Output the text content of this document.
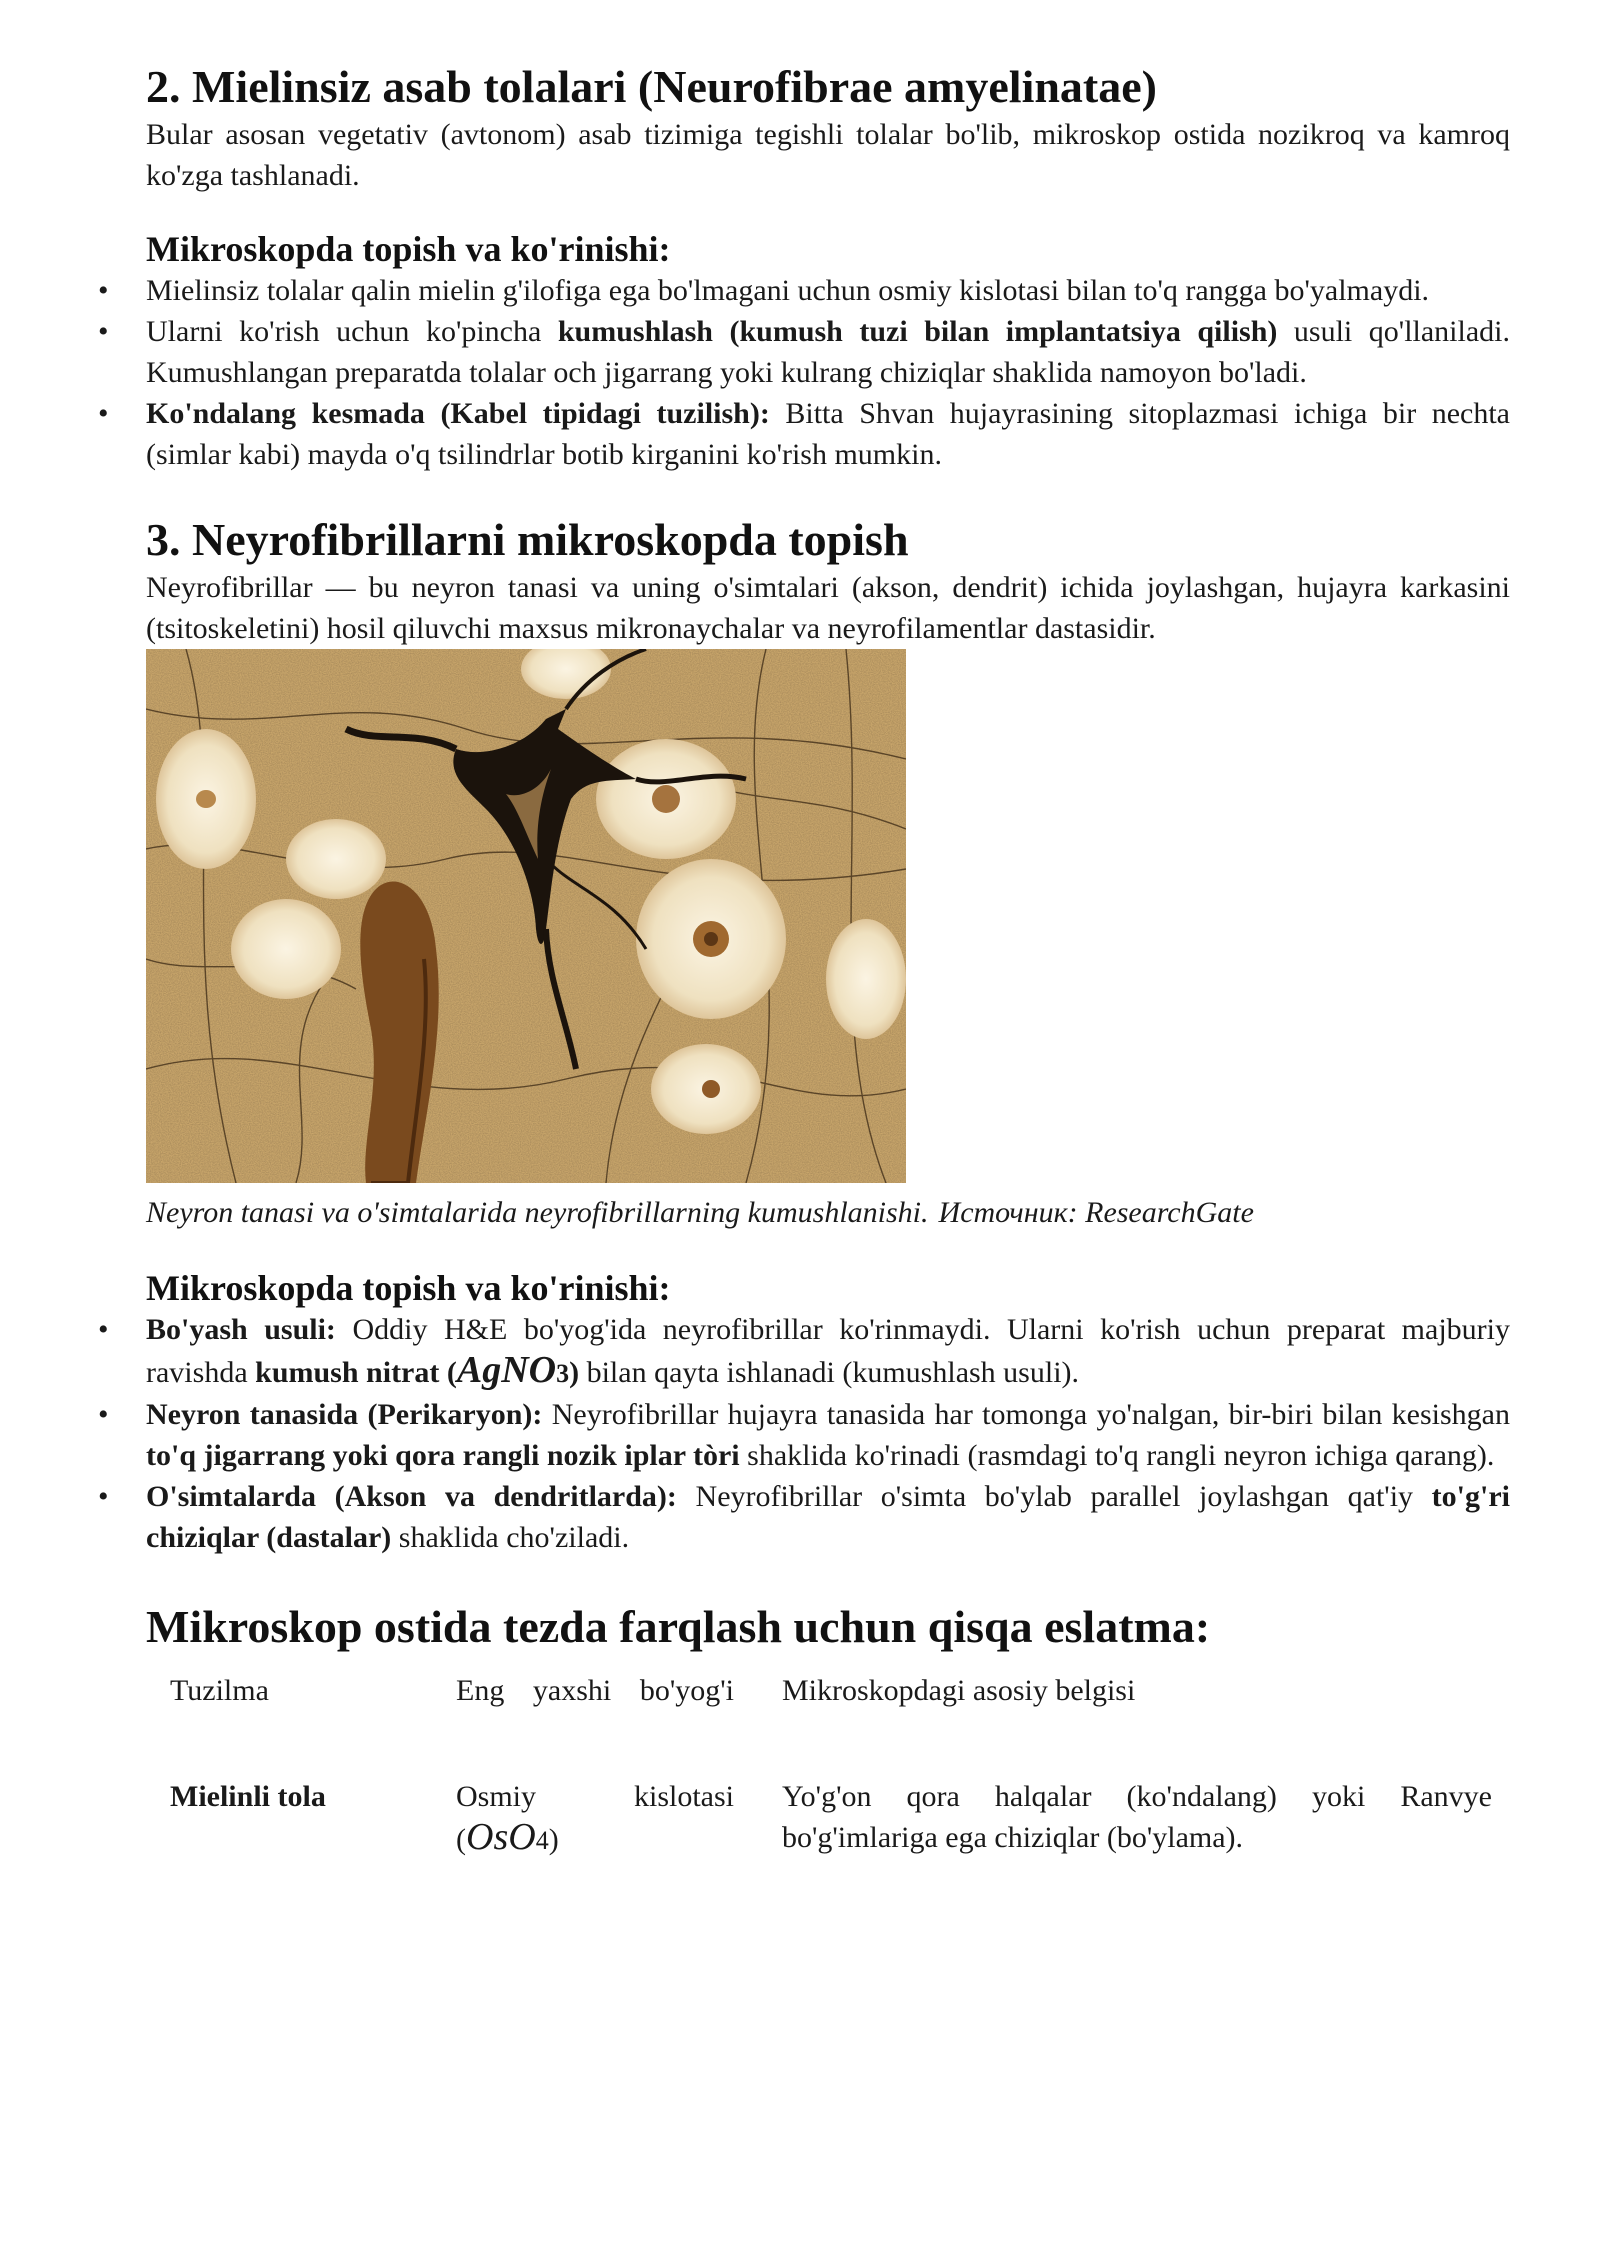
2. Mielinsiz asab tolalari (Neurofibrae amyelinatae)

Bular asosan vegetativ (avtonom) asab tizimiga tegishli tolalar bo'lib, mikroskop ostida nozikroq va kamroq ko'zga tashlanadi.

Mikroskopda topish va ko'rinishi:
• Mielinsiz tolalar qalin mielin g'ilofiga ega bo'lmagani uchun osmiy kislotasi bilan to'q rangga bo'yalmaydi.
• Ularni ko'rish uchun ko'pincha kumushlash (kumush tuzi bilan implantatsiya qilish) usuli qo'llaniladi. Kumushlangan preparatda tolalar och jigarrang yoki kulrang chiziqlar shaklida namoyon bo'ladi.
• Ko'ndalang kesmada (Kabel tipidagi tuzilish): Bitta Shvan hujayrasining sitoplazmasi ichiga bir nechta (simlar kabi) mayda o'q tsilindrlar botib kirganini ko'rish mumkin.
3. Neyrofibrillarni mikroskopda topish

Neyrofibrillar — bu neyron tanasi va uning o'simtalari (akson, dendrit) ichida joylashgan, hujayra karkasini (tsitoskeletini) hosil qiluvchi maxsus mikronaychalar va neyrofilamentlar dastasidir.

Neyron tanasi va o'simtalarida neyrofibrillarning kumushlanishi. Источник: ResearchGate
Mikroskopda topish va ko'rinishi:
• Bo'yash usuli: Oddiy H&E bo'yog'ida neyrofibrillar ko'rinmaydi. Ularni ko'rish uchun preparat majburiy ravishda kumush nitrat (AgNO3) bilan qayta ishlanadi (kumushlash usuli).
• Neyron tanasida (Perikaryon): Neyrofibrillar hujayra tanasida har tomonga yo'nalgan, bir-biri bilan kesishgan to'q jigarrang yoki qora rangli nozik iplar tòri shaklida ko'rinadi (rasmdagi to'q rangli neyron ichiga qarang).
• O'simtalarda (Akson va dendritlarda): Neyrofibrillar o'simta bo'ylab parallel joylashgan qat'iy to'g'ri chiziqlar (dastalar) shaklida cho'ziladi.
Mikroskop ostida tezda farqlash uchun qisqa eslatma:
Tuzilma	Eng yaxshi bo'yog'i	Mikroskopdagi asosiy belgisi

Mielinli tola	Osmiy kislotasi (OsO4)	Yo'g'on qora halqalar (ko'ndalang) yoki Ranvye bo'g'imlariga ega chiziqlar (bo'ylama).
